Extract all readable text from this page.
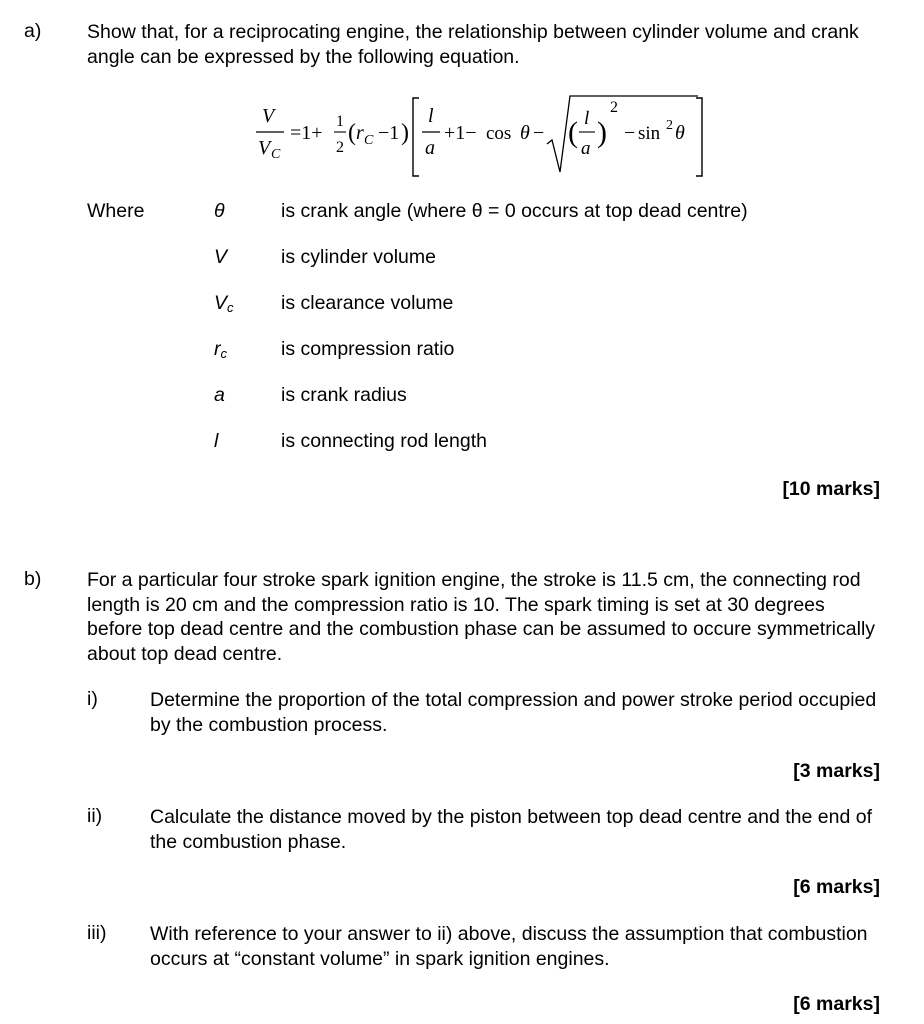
a) Show that, for a reciprocating engine, the relationship between cylinder volume and crank angle can be expressed by the following equation.
V
V C
=1+
1
2
( r C −1 )
l
a
+1− cos θ − ( l
a )
2
− sin 2 θ
Where	θ	is crank angle (where θ = 0 occurs at top dead centre)
V	is cylinder volume
$V_c$ is clearance volume
$r_c$	is compression ratio
a	is crank radius
l	is connecting rod length
[10 marks]
b) For a particular four stroke spark ignition engine, the stroke is 11.5 cm, the connecting rod length is 20 cm and the compression ratio is 10. The spark timing is set at 30 degrees before top dead centre and the combustion phase can be assumed to occure symmetrically about top dead centre.
i)	Determine the proportion of the total compression and power stroke period occupied by the combustion process.
[3 marks]
ii) Calculate the distance moved by the piston between top dead centre and the end of the combustion phase.
[6 marks]
iii) With reference to your answer to ii) above, discuss the assumption that combustion occurs at “constant volume” in spark ignition engines.
[6 marks]
